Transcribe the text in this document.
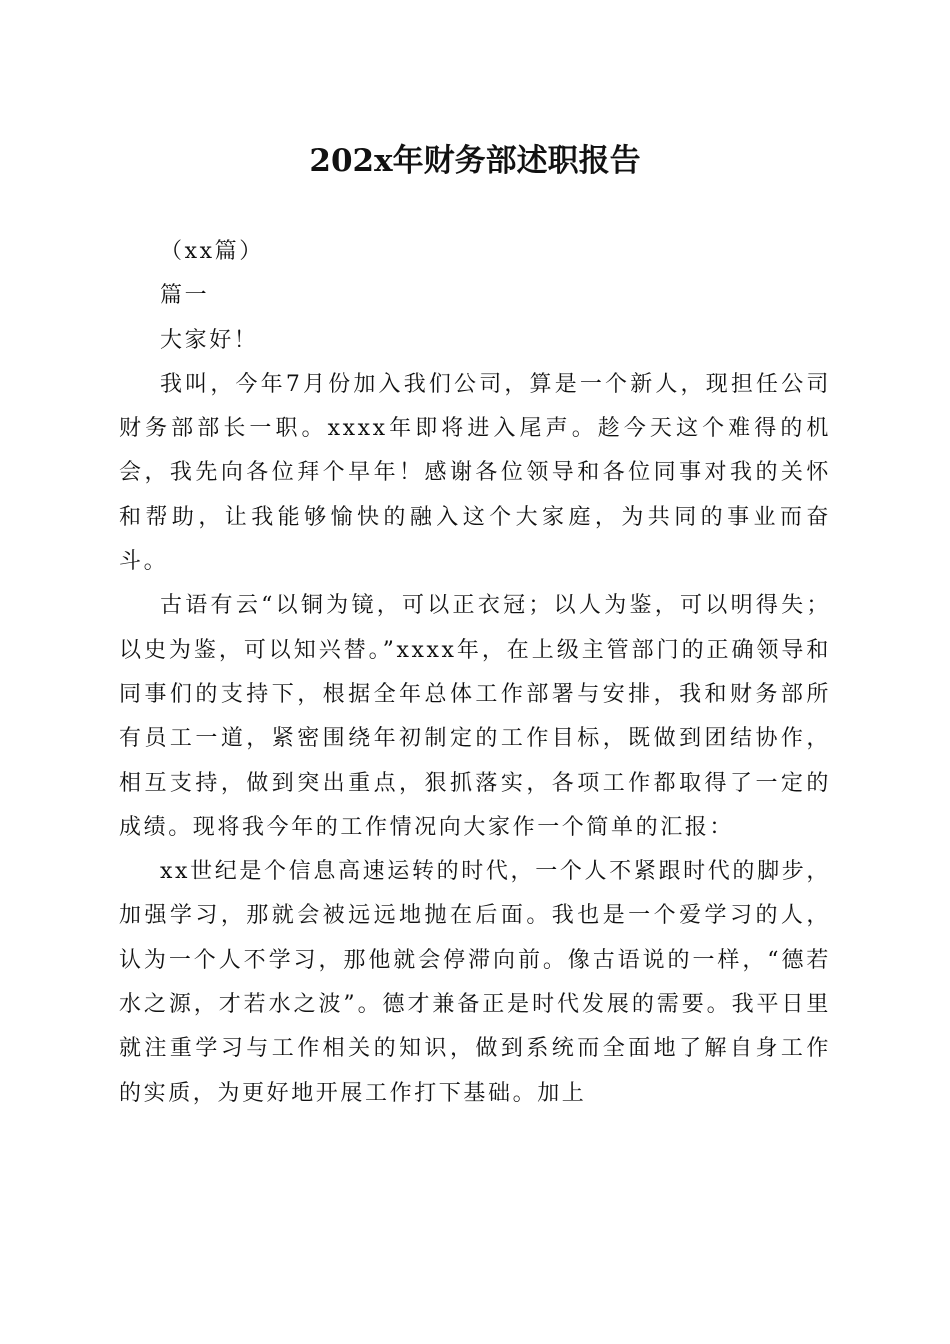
202x年财务部述职报告

（xx篇）

篇一

大家好！

我叫，今年7月份加入我们公司，算是一个新人，现担任公司财务部部长一职。xxxx年即将进入尾声。趁今天这个难得的机会，我先向各位拜个早年！感谢各位领导和各位同事对我的关怀和帮助，让我能够愉快的融入这个大家庭，为共同的事业而奋斗。

古语有云“以铜为镜，可以正衣冠；以人为鉴，可以明得失；以史为鉴，可以知兴替。”xxxx年，在上级主管部门的正确领导和同事们的支持下，根据全年总体工作部署与安排，我和财务部所有员工一道，紧密围绕年初制定的工作目标，既做到团结协作，相互支持，做到突出重点，狠抓落实，各项工作都取得了一定的成绩。现将我今年的工作情况向大家作一个简单的汇报：

xx世纪是个信息高速运转的时代，一个人不紧跟时代的脚步，加强学习，那就会被远远地抛在后面。我也是一个爱学习的人，认为一个人不学习，那他就会停滞向前。像古语说的一样，“德若水之源，才若水之波”。德才兼备正是时代发展的需要。我平日里就注重学习与工作相关的知识，做到系统而全面地了解自身工作的实质，为更好地开展工作打下基础。加上
